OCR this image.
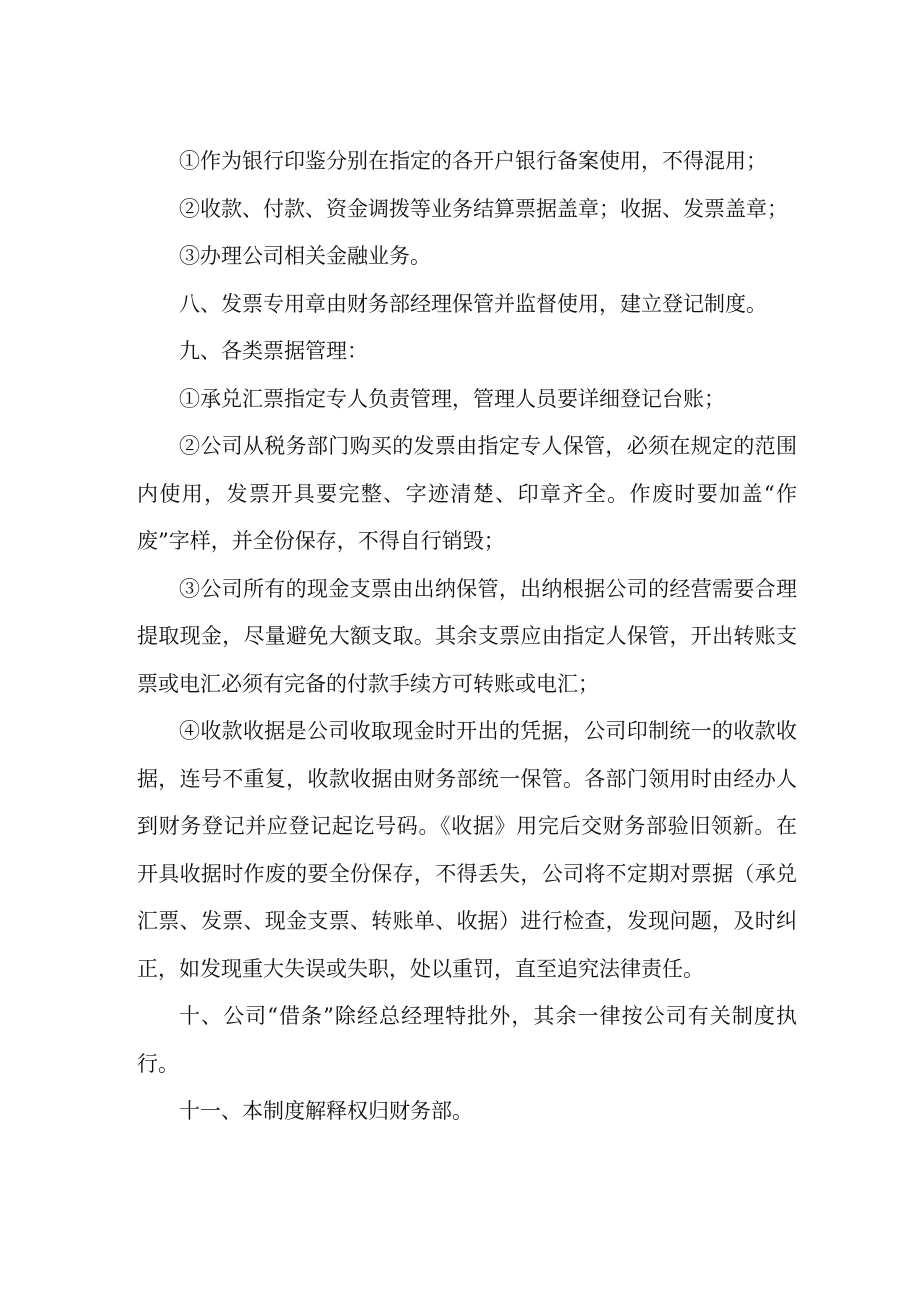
①作为银行印鉴分别在指定的各开户银行备案使用，不得混用；

②收款、付款、资金调拨等业务结算票据盖章；收据、发票盖章；

③办理公司相关金融业务。

八、发票专用章由财务部经理保管并监督使用，建立登记制度。

九、各类票据管理：

①承兑汇票指定专人负责管理，管理人员要详细登记台账；

②公司从税务部门购买的发票由指定专人保管，必须在规定的范围内使用，发票开具要完整、字迹清楚、印章齐全。作废时要加盖“作废”字样，并全份保存，不得自行销毁；

③公司所有的现金支票由出纳保管，出纳根据公司的经营需要合理提取现金，尽量避免大额支取。其余支票应由指定人保管，开出转账支票或电汇必须有完备的付款手续方可转账或电汇；

④收款收据是公司收取现金时开出的凭据，公司印制统一的收款收据，连号不重复，收款收据由财务部统一保管。各部门领用时由经办人到财务登记并应登记起讫号码。《收据》用完后交财务部验旧领新。在开具收据时作废的要全份保存，不得丢失，公司将不定期对票据（承兑汇票、发票、现金支票、转账单、收据）进行检查，发现问题，及时纠正，如发现重大失误或失职，处以重罚，直至追究法律责任。

十、公司“借条”除经总经理特批外，其余一律按公司有关制度执行。

十一、本制度解释权归财务部。
